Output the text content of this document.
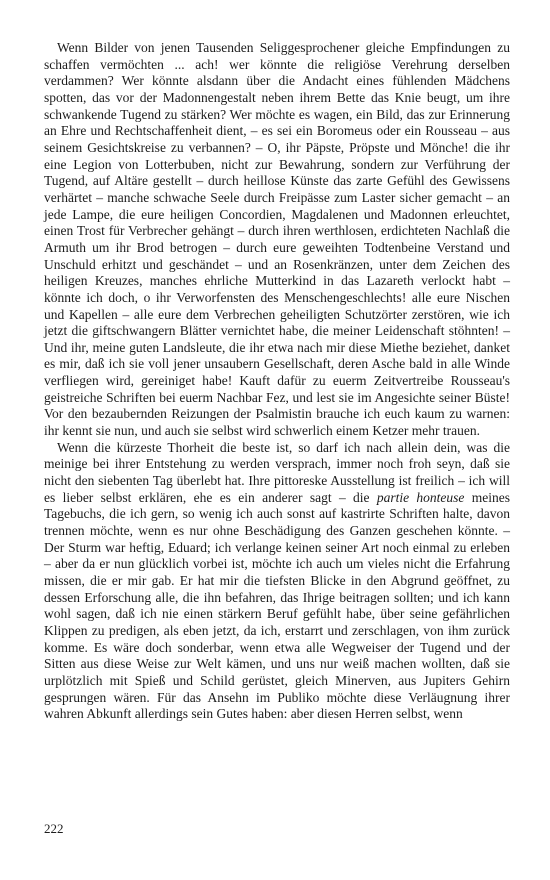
Wenn Bilder von jenen Tausenden Seliggesprochener gleiche Empfindungen zu schaffen vermöchten ... ach! wer könnte die religiöse Verehrung derselben verdammen? Wer könnte alsdann über die Andacht eines fühlenden Mädchens spotten, das vor der Madonnengestalt neben ihrem Bette das Knie beugt, um ihre schwankende Tugend zu stärken? Wer möchte es wagen, ein Bild, das zur Erinnerung an Ehre und Rechtschaffenheit dient, – es sei ein Boromeus oder ein Rousseau – aus seinem Gesichtskreise zu verbannen? – O, ihr Päpste, Pröpste und Mönche! die ihr eine Legion von Lotterbuben, nicht zur Bewahrung, sondern zur Verführung der Tugend, auf Altäre gestellt – durch heillose Künste das zarte Gefühl des Gewissens verhärtet – manche schwache Seele durch Freipässe zum Laster sicher gemacht – an jede Lampe, die eure heiligen Concordien, Magdalenen und Madonnen erleuchtet, einen Trost für Verbrecher gehängt – durch ihren werthlosen, erdichteten Nachlaß die Armuth um ihr Brod betrogen – durch eure geweihten Todtenbeine Verstand und Unschuld erhitzt und geschändet – und an Rosenkränzen, unter dem Zeichen des heiligen Kreuzes, manches ehrliche Mutterkind in das Lazareth verlockt habt – könnte ich doch, o ihr Verworfensten des Menschengeschlechts! alle eure Nischen und Kapellen – alle eure dem Verbrechen geheiligten Schutzörter zerstören, wie ich jetzt die giftschwangern Blätter vernichtet habe, die meiner Leidenschaft stöhnten! – Und ihr, meine guten Landsleute, die ihr etwa nach mir diese Miethe beziehet, danket es mir, daß ich sie voll jener unsaubern Gesellschaft, deren Asche bald in alle Winde verfliegen wird, gereiniget habe! Kauft dafür zu euerm Zeitvertreibe Rousseau's geistreiche Schriften bei euerm Nachbar Fez, und lest sie im Angesichte seiner Büste! Vor den bezaubernden Reizungen der Psalmistin brauche ich euch kaum zu warnen: ihr kennt sie nun, und auch sie selbst wird schwerlich einem Ketzer mehr trauen.

Wenn die kürzeste Thorheit die beste ist, so darf ich nach allein dein, was die meinige bei ihrer Entstehung zu werden versprach, immer noch froh seyn, daß sie nicht den siebenten Tag überlebt hat. Ihre pittoreske Ausstellung ist freilich – ich will es lieber selbst erklären, ehe es ein anderer sagt – die partie honteuse meines Tagebuchs, die ich gern, so wenig ich auch sonst auf kastrirte Schriften halte, davon trennen möchte, wenn es nur ohne Beschädigung des Ganzen geschehen könnte. – Der Sturm war heftig, Eduard; ich verlange keinen seiner Art noch einmal zu erleben – aber da er nun glücklich vorbei ist, möchte ich auch um vieles nicht die Erfahrung missen, die er mir gab. Er hat mir die tiefsten Blicke in den Abgrund geöffnet, zu dessen Erforschung alle, die ihn befahren, das Ihrige beitragen sollten; und ich kann wohl sagen, daß ich nie einen stärkern Beruf gefühlt habe, über seine gefährlichen Klippen zu predigen, als eben jetzt, da ich, erstarrt und zerschlagen, von ihm zurück komme. Es wäre doch sonderbar, wenn etwa alle Wegweiser der Tugend und der Sitten aus diese Weise zur Welt kämen, und uns nur weiß machen wollten, daß sie urplötzlich mit Spieß und Schild gerüstet, gleich Minerven, aus Jupiters Gehirn gesprungen wären. Für das Ansehn im Publiko möchte diese Verläugnung ihrer wahren Abkunft allerdings sein Gutes haben: aber diesen Herren selbst, wenn

222
